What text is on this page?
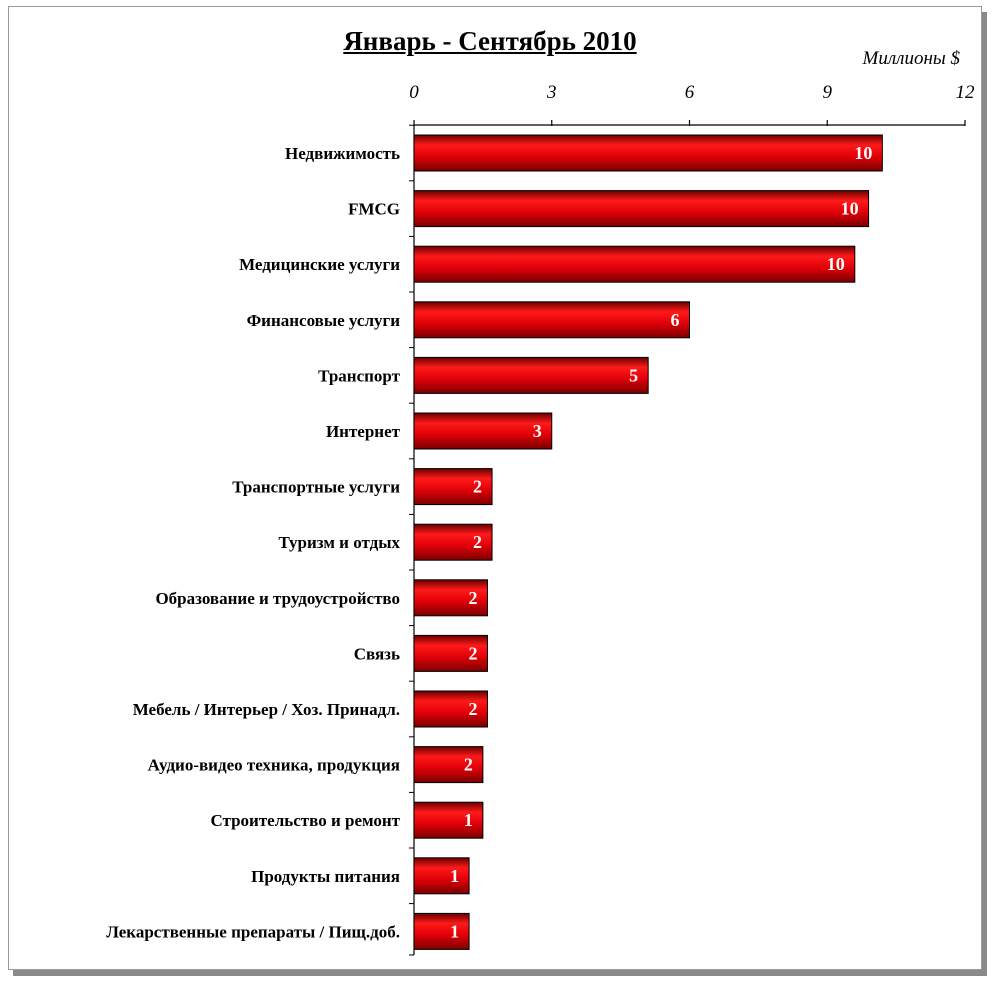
Январь - Сентябрь 2010
Миллионы $
0	3	6	9	12
Недвижимость
FMCG
Медицинские услуги
Финансовые услуги
Транспорт
Интернет
Транспортные услуги
Туризм и отдых
Образование и трудоустройство
Связь
Мебель / Интерьер / Хоз. Принадл.
Аудио-видео техника, продукция
Строительство и ремонт
Продукты питания
Лекарственные препараты / Пищ.доб.
10
10
10
6
5
3
2
2
2
2
2
2
1
1
1
